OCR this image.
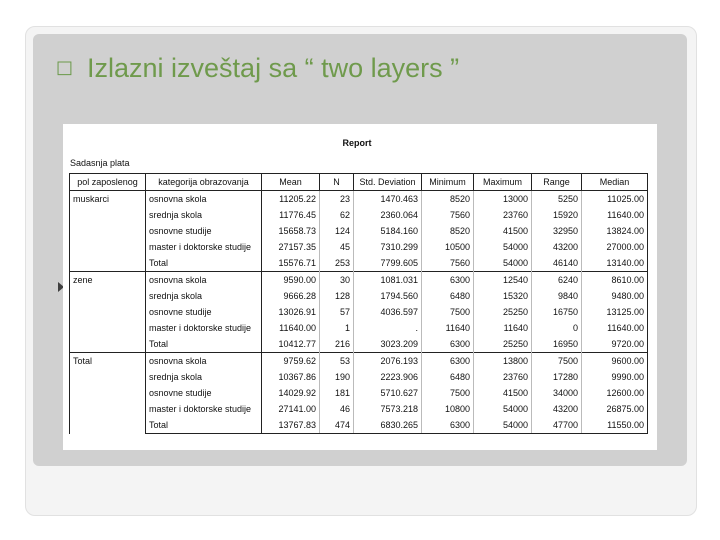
□ Izlazni izveštaj sa “ two layers ”
Report
Sadasnja plata
pol zaposlenog	kategorija obrazovanja	Mean	N	Std. Deviation	Minimum	Maximum	Range	Median
muskarci	osnovna skola	11205.22	23	1470.463	8520	13000	5250	11025.00
	srednja skola	11776.45	62	2360.064	7560	23760	15920	11640.00
	osnovne studije	15658.73	124	5184.160	8520	41500	32950	13824.00
	master i doktorske studije	27157.35	45	7310.299	10500	54000	43200	27000.00
	Total	15576.71	253	7799.605	7560	54000	46140	13140.00
zene	osnovna skola	9590.00	30	1081.031	6300	12540	6240	8610.00
	srednja skola	9666.28	128	1794.560	6480	15320	9840	9480.00
	osnovne studije	13026.91	57	4036.597	7500	25250	16750	13125.00
	master i doktorske studije	11640.00	1	.	11640	11640	0	11640.00
	Total	10412.77	216	3023.209	6300	25250	16950	9720.00
Total	osnovna skola	9759.62	53	2076.193	6300	13800	7500	9600.00
	srednja skola	10367.86	190	2223.906	6480	23760	17280	9990.00
	osnovne studije	14029.92	181	5710.627	7500	41500	34000	12600.00
	master i doktorske studije	27141.00	46	7573.218	10800	54000	43200	26875.00
	Total	13767.83	474	6830.265	6300	54000	47700	11550.00
